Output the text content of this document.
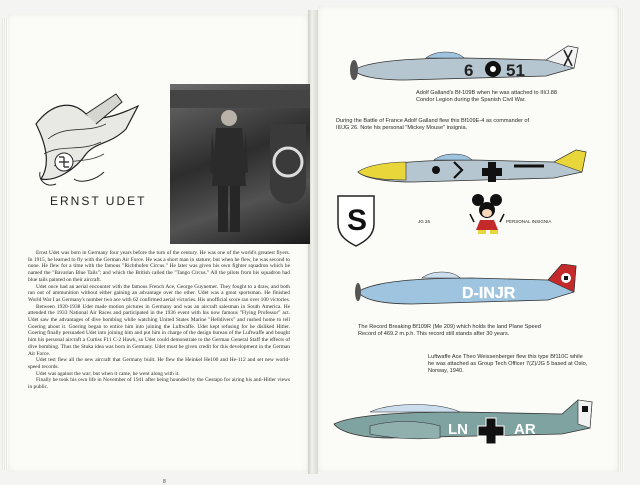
ERNST UDET

Ernst Udet was born in Germany four years before the turn of the century. He was one of the world's greatest flyers. In 1915, he learned to fly with the German Air Force. He was a short man in stature; but when he flew, he was second to none. He flew for a time with the famous "Richthofen Circus." He later was given his own fighter squadron which he named the "Bavarian Blue Tails"; and which the British called the "Tango Circus." All the pilots from his squadron had blue tails painted on their aircraft.

Udet once had an aerial encounter with the famous French Ace, George Guynemer. They fought to a draw, and both ran out of ammunition without either gaining an advantage over the other. Udet was a great sportsman. He finished World War I as Germany's number two ace with 62 confirmed aerial victories. His unofficial score ran over 100 victories.

Between 1920-1938 Udet made motion pictures in Germany and was an aircraft salesman in South America. He attended the 1933 National Air Races and participated in the 1936 event with his now famous "Flying Professor" act. Udet saw the advantages of dive bombing while watching United States Marine "Helldivers" and rushed home to tell Goering about it. Goering began to entice him into joining the Luftwaffe. Udet kept refusing for he disliked Hitler. Goering finally persuaded Udet into joining him and put him in charge of the design bureau of the Luftwaffe and bought him his personal aircraft a Curtiss F11 C-2 Hawk, so Udet could demonstrate to the German General Staff the effects of dive bombing. Thus the Stuka idea was born in Germany. Udet must be given credit for this development in the German Air Force.

Udet test flew all the new aircraft that Germany built. He flew the Heinkel He100 and He-112 and set new world-speed records.

Udet was against the war; but when it came, he went along with it.

Finally he took his own life in November of 1941 after being hounded by the Gestapo for airing his anti-Hitler views in public.

8
6 51
Adolf Galland's Bf-109B when he was attached to III/J.88 Condor Legion during the Spanish Civil War.
During the Battle of France Adolf Galland flew this Bf109E-4 as commander of III/JG 26. Note his personal "Mickey Mouse" insignia.
S	JG 26	PERSONAL INSIGNIA
D-INJR
The Record Breaking Bf109R (Me 209) which holds the land Plane Speed Record of 469.2 m.p.h. This record still stands after 30 years.
Luftwaffe Ace Theo Weissenberger flew this type Bf110C while he was attached as Group Tech Officer 7(Z)/JG 5 based at Oslo, Norway, 1940.
LN	AR
